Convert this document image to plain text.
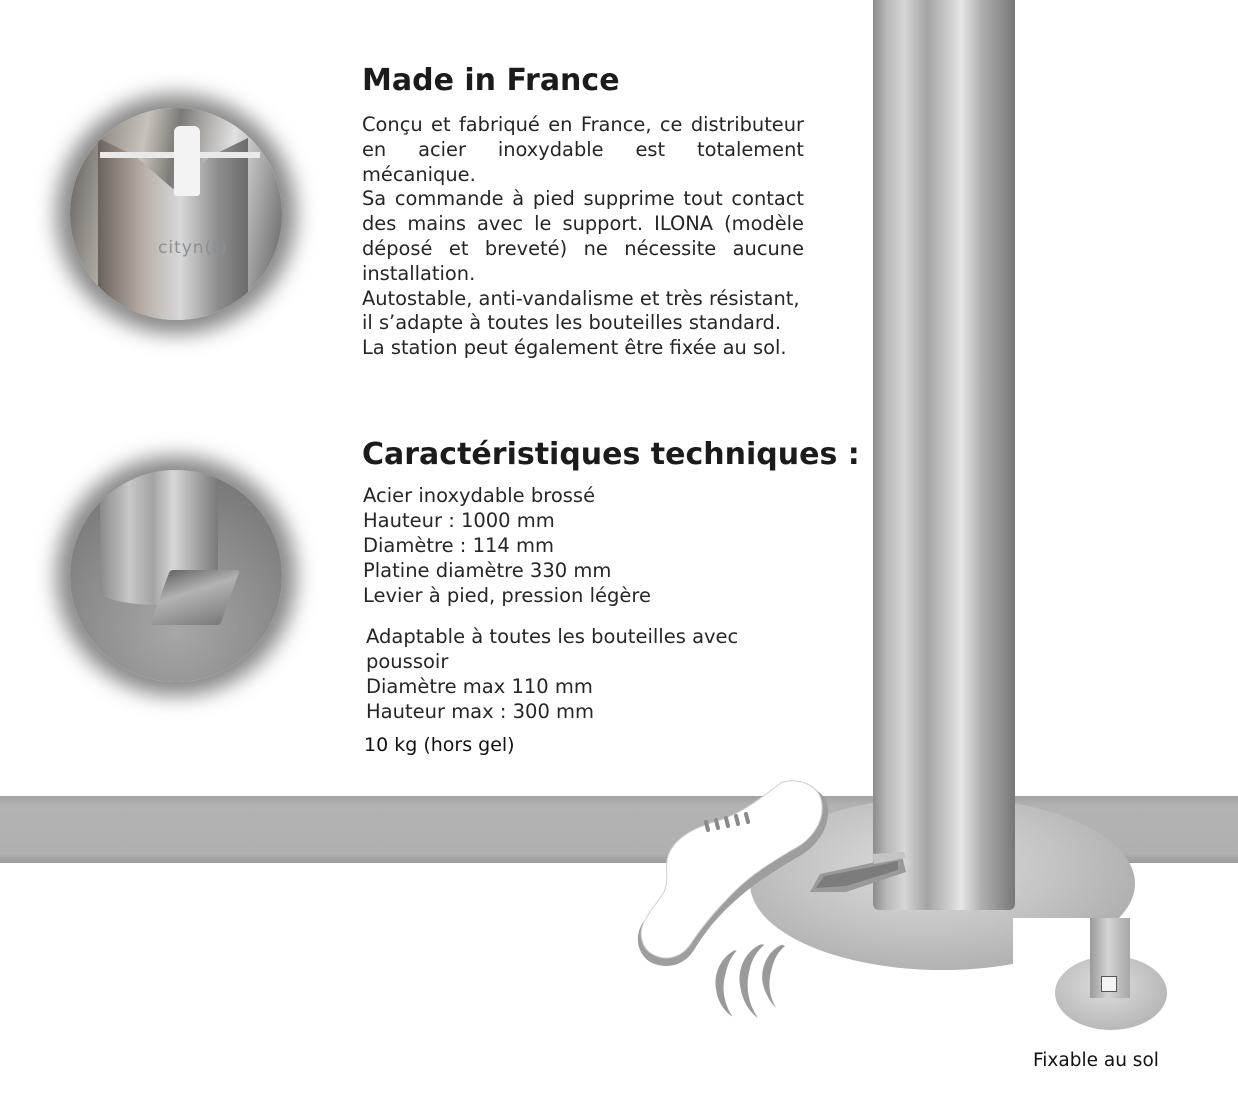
cityn(t)
Made in France

Conçu et fabriqué en France, ce distributeur en acier inoxydable est totalement mécanique.

Sa commande à pied supprime tout contact des mains avec le support. ILONA (modèle déposé et breveté) ne nécessite aucune installation.

Autostable, anti-vandalisme et très résistant, il s’adapte à toutes les bouteilles standard.

La station peut également être fixée au sol.

Caractéristiques techniques :
Acier inoxydable brossé
Hauteur : 1000 mm
Diamètre : 114 mm
Platine diamètre 330 mm
Levier à pied, pression légère
Adaptable à toutes les bouteilles avec poussoir
Diamètre max 110 mm
Hauteur max : 300 mm
10 kg (hors gel)
Fixable au sol
